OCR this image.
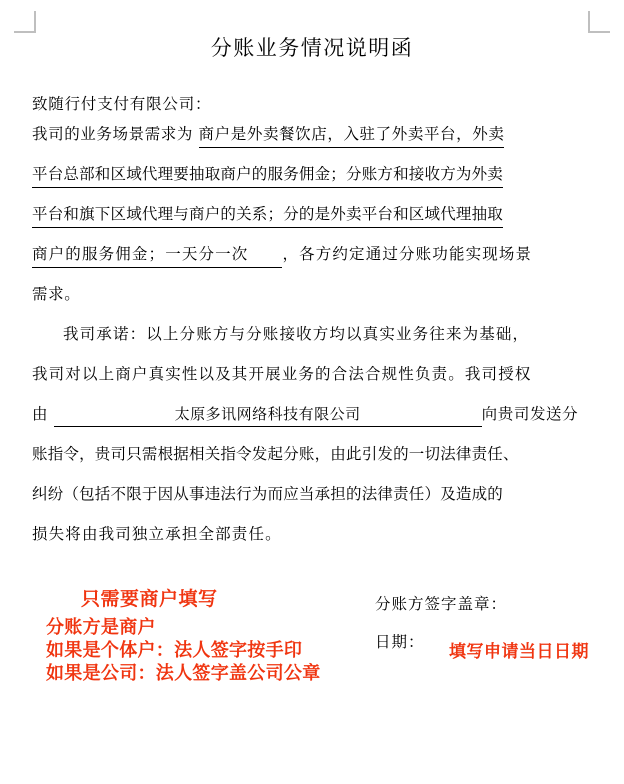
分账业务情况说明函
致随行付支付有限公司：
我司的业务场景需求为 商户是外卖餐饮店，入驻了外卖平台，外卖
平台总部和区域代理要抽取商户的服务佣金；分账方和接收方为外卖
平台和旗下区域代理与商户的关系；分的是外卖平台和区域代理抽取
商户的服务佣金；一天分一次 ，各方约定通过分账功能实现场景
需求。
我司承诺：以上分账方与分账接收方均以真实业务往来为基础，
我司对以上商户真实性以及其开展业务的合法合规性负责。我司授权
由	太原多讯网络科技有限公司	向贵司发送分
账指令，贵司只需根据相关指令发起分账，由此引发的一切法律责任、
纠纷（包括不限于因从事违法行为而应当承担的法律责任）及造成的
损失将由我司独立承担全部责任。
分账方签字盖章：
日期：
只需要商户填写
分账方是商户
如果是个体户：法人签字按手印
如果是公司：法人签字盖公司公章
填写申请当日日期
